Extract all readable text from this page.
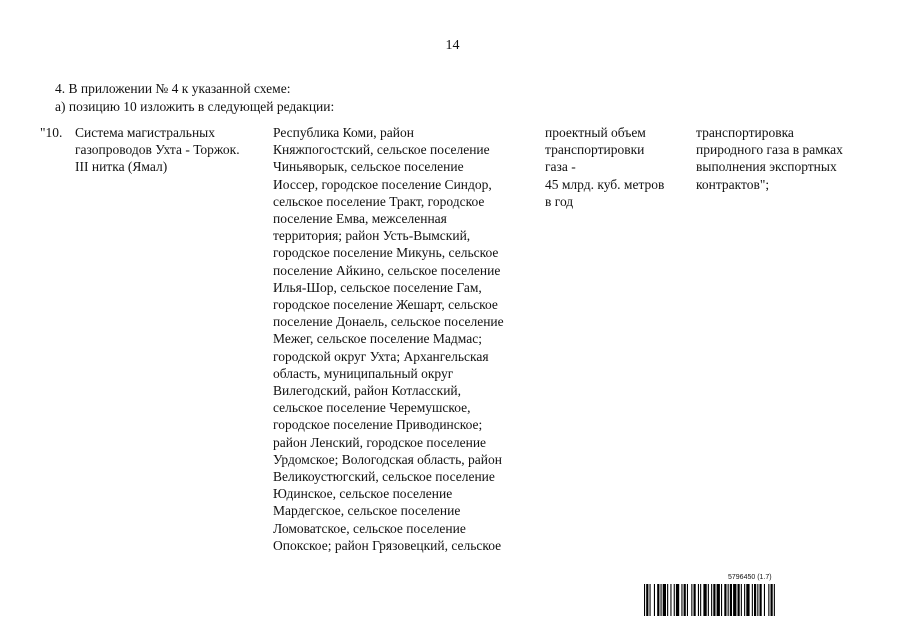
14
4. В приложении № 4 к указанной схеме:
а) позицию 10 изложить в следующей редакции:
"10. Система магистральных
газопроводов Ухта - Торжок.
III нитка (Ямал)
Республика Коми, район
Княжпогостский, сельское поселение
Чиньяворык, сельское поселение
Иоссер, городское поселение Синдор,
сельское поселение Тракт, городское
поселение Емва, межселенная
территория; район Усть-Вымский,
городское поселение Микунь, сельское
поселение Айкино, сельское поселение
Илья-Шор, сельское поселение Гам,
городское поселение Жешарт, сельское
поселение Донаель, сельское поселение
Межег, сельское поселение Мадмас;
городской округ Ухта; Архангельская
область, муниципальный округ
Вилегодский, район Котласский,
сельское поселение Черемушское,
городское поселение Приводинское;
район Ленский, городское поселение
Урдомское; Вологодская область, район
Великоустюгский, сельское поселение
Юдинское, сельское поселение
Мардегское, сельское поселение
Ломоватское, сельское поселение
Опокское; район Грязовецкий, сельское
проектный объем
транспортировки
газа -
45 млрд. куб. метров
в год
транспортировка
природного газа в рамках
выполнения экспортных
контрактов";
5796450 (1.7)
